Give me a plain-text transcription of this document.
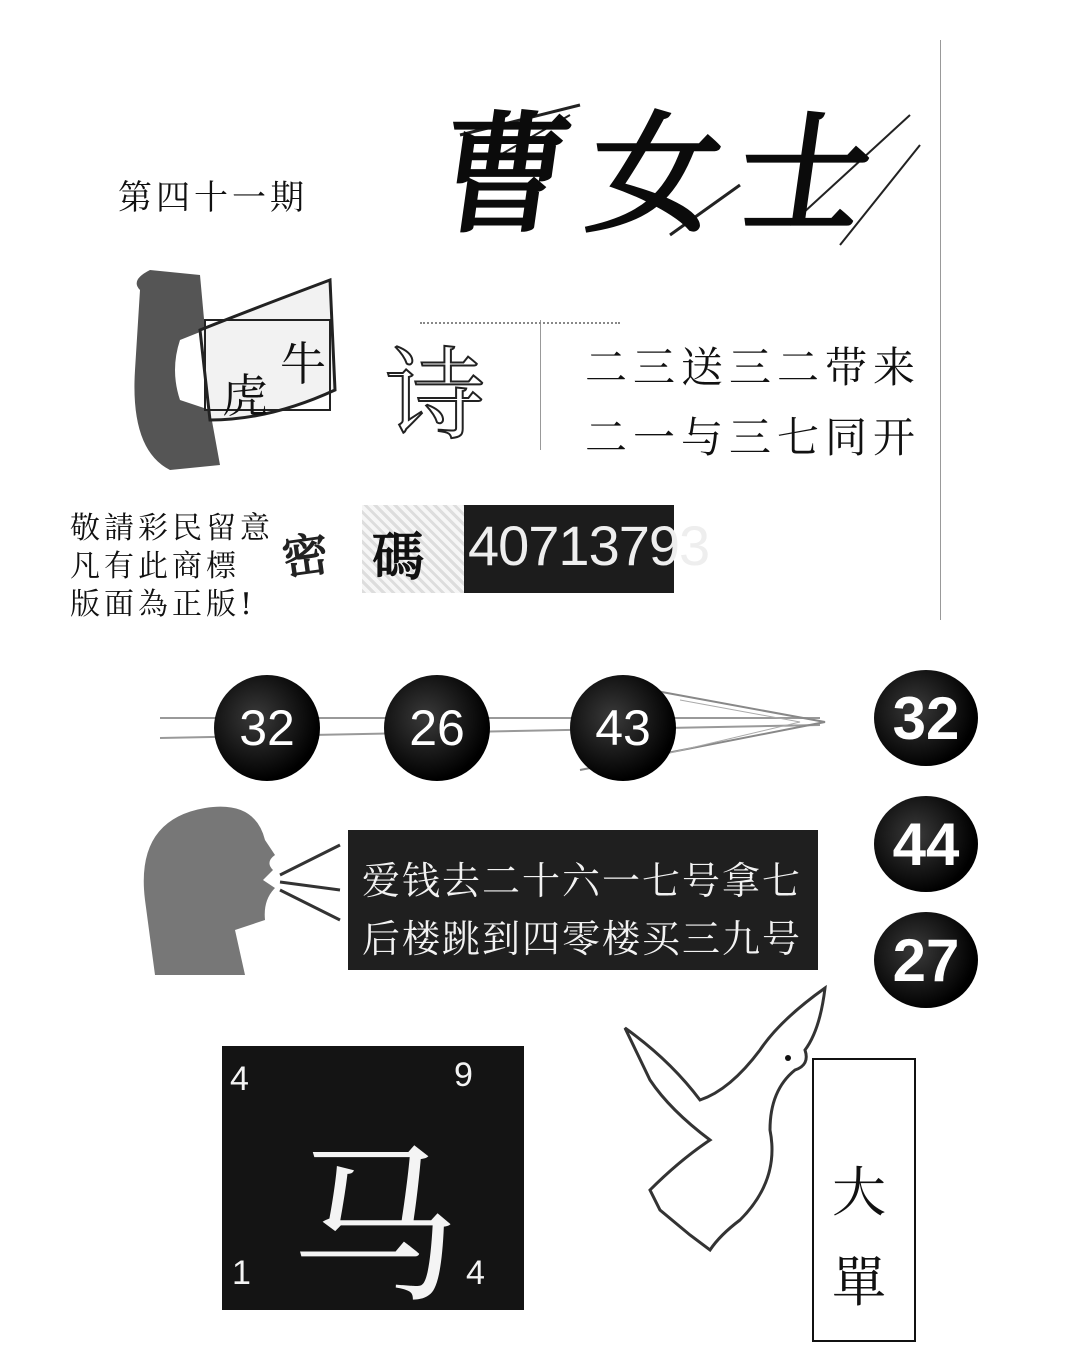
第四十一期 曹女士
虎
牛 诗 二三送三二带来
二一与三七同开
敬請彩民留意
凡有此商標
版面為正版!
密 碼 40713793
32	26	43	32
44
27
爱钱去二十六一七号拿七
后楼跳到四零楼买三九号
马
4	9
1	4
大
單
